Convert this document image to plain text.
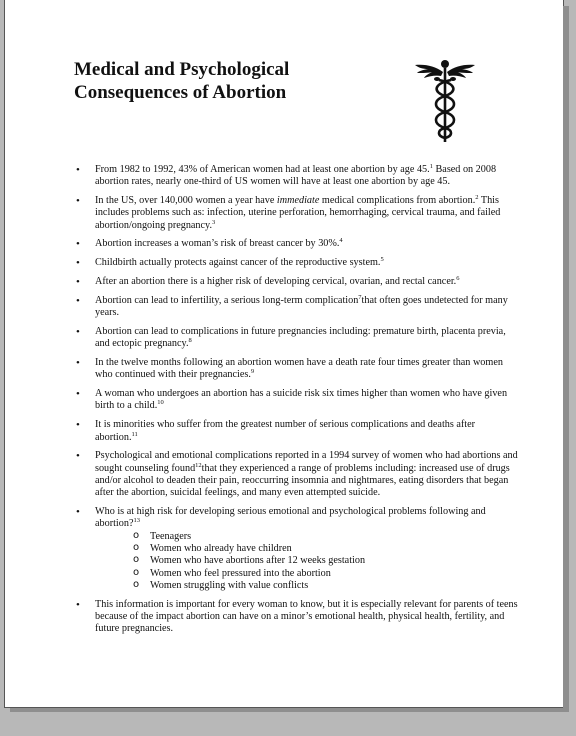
Medical and Psychological
Consequences of Abortion
• From 1982 to 1992, 43% of American women had at least one abortion by age 45.$^1$ Based on 2008 abortion rates, nearly one-third of US women will have at least one abortion by age 45.
• In the US, over 140,000 women a year have immediate medical complications from abortion.$^2$ This includes problems such as: infection, uterine perforation, hemorrhaging, cervical trauma, and failed abortion/ongoing pregnancy.$^3$
• Abortion increases a woman’s risk of breast cancer by 30%.$^4$
• Childbirth actually protects against cancer of the reproductive system.$^5$
• After an abortion there is a higher risk of developing cervical, ovarian, and rectal cancer.$^6$
• Abortion can lead to infertility, a serious long-term complication$^7$that often goes undetected for many years.
• Abortion can lead to complications in future pregnancies including: premature birth, placenta previa, and ectopic pregnancy.$^8$
• In the twelve months following an abortion women have a death rate four times greater than women who continued with their pregnancies.$^9$
• A woman who undergoes an abortion has a suicide risk six times higher than women who have given birth to a child.$^{10}$
• It is minorities who suffer from the greatest number of serious complications and deaths after abortion.$^{11}$
• Psychological and emotional complications reported in a 1994 survey of women who had abortions and sought counseling found$^{12}$that they experienced a range of problems including: increased use of drugs and/or alcohol to deaden their pain, reoccurring insomnia and nightmares, eating disorders that began after the abortion, suicidal feelings, and many even attempted suicide.
• Who is at high risk for developing serious emotional and psychological problems following and abortion?$^{13}$
o Teenagers
o Women who already have children
o Women who have abortions after 12 weeks gestation
o Women who feel pressured into the abortion
o Women struggling with value conflicts
• This information is important for every woman to know, but it is especially relevant for parents of teens because of the impact abortion can have on a minor’s emotional health, physical health, fertility, and future pregnancies.
